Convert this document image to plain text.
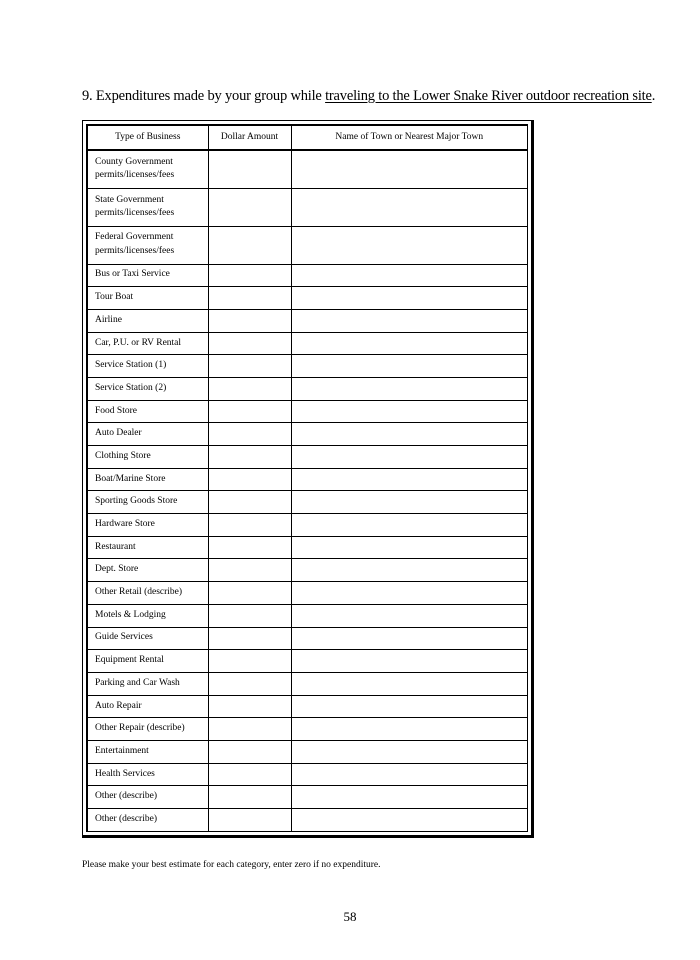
9. Expenditures made by your group while traveling to the Lower Snake River outdoor recreation site.
Type of Business	Dollar Amount	Name of Town or Nearest Major Town
County Government permits/licenses/fees		
State Government permits/licenses/fees		
Federal Government permits/licenses/fees		
Bus or Taxi Service		
Tour Boat		
Airline		
Car, P.U. or RV Rental		
Service Station (1)		
Service Station (2)		
Food Store		
Auto Dealer		
Clothing Store		
Boat/Marine Store		
Sporting Goods Store		
Hardware Store		
Restaurant		
Dept. Store		
Other Retail (describe)		
Motels & Lodging		
Guide Services		
Equipment Rental		
Parking and Car Wash		
Auto Repair		
Other Repair (describe)		
Entertainment		
Health Services		
Other (describe)		
Other (describe)		
Please make your best estimate for each category, enter zero if no expenditure.
58
